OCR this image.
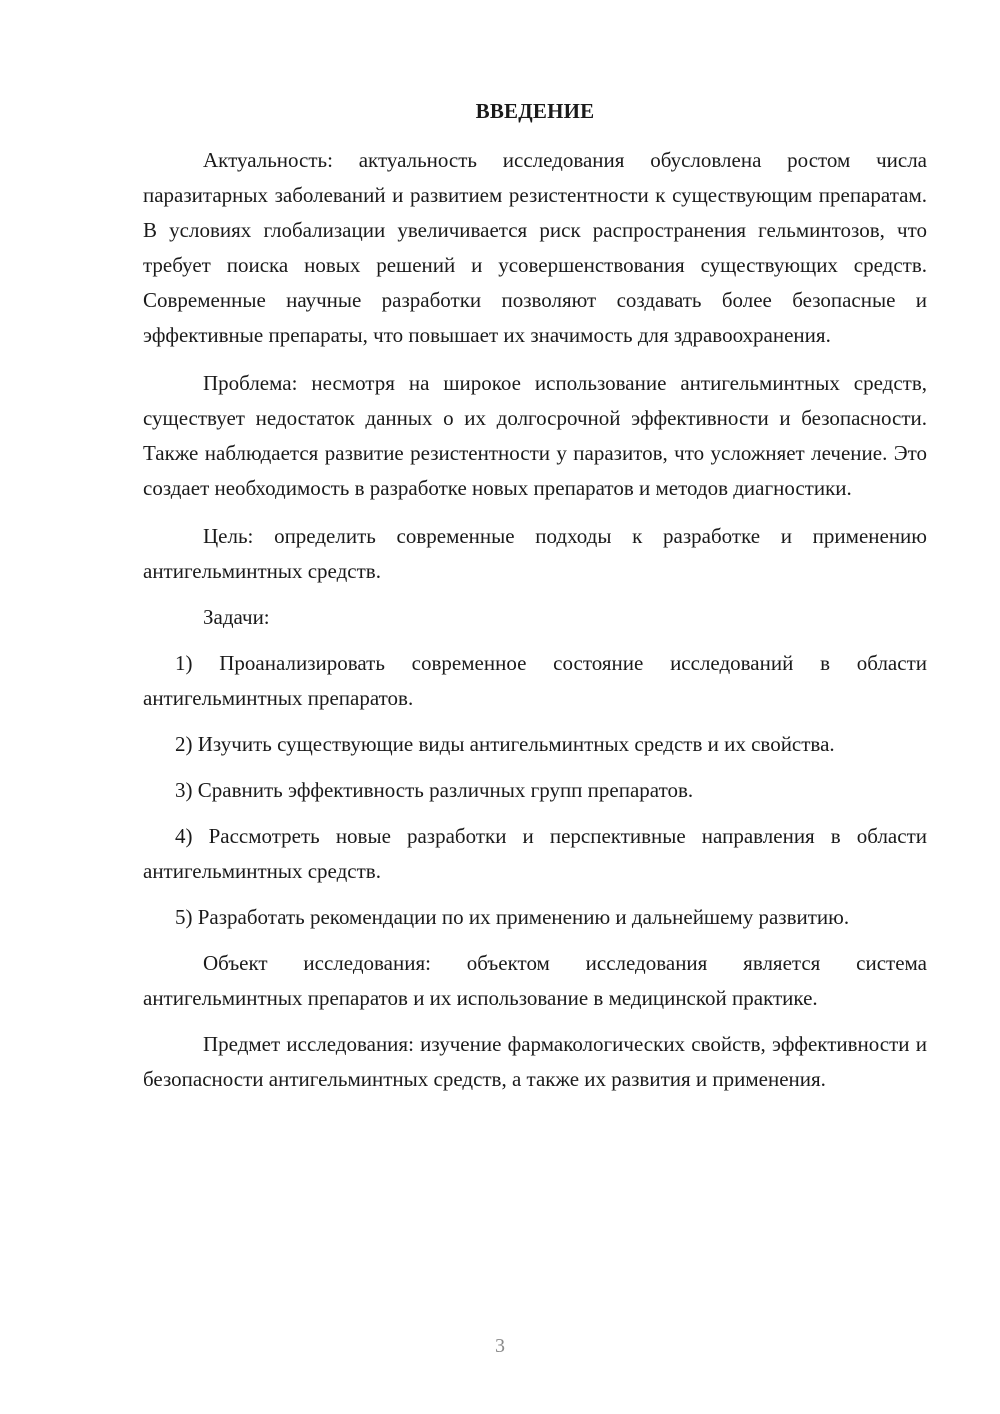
ВВЕДЕНИЕ

Актуальность: актуальность исследования обусловлена ростом числа паразитарных заболеваний и развитием резистентности к существующим препаратам. В условиях глобализации увеличивается риск распространения гельминтозов, что требует поиска новых решений и усовершенствования существующих средств. Современные научные разработки позволяют создавать более безопасные и эффективные препараты, что повышает их значимость для здравоохранения.

Проблема: несмотря на широкое использование антигельминтных средств, существует недостаток данных о их долгосрочной эффективности и безопасности. Также наблюдается развитие резистентности у паразитов, что усложняет лечение. Это создает необходимость в разработке новых препаратов и методов диагностики.

Цель: определить современные подходы к разработке и применению антигельминтных средств.

Задачи:

1) Проанализировать современное состояние исследований в области антигельминтных препаратов.

2) Изучить существующие виды антигельминтных средств и их свойства.

3) Сравнить эффективность различных групп препаратов.

4) Рассмотреть новые разработки и перспективные направления в области антигельминтных средств.

5) Разработать рекомендации по их применению и дальнейшему развитию.

Объект исследования: объектом исследования является система антигельминтных препаратов и их использование в медицинской практике.

Предмет исследования: изучение фармакологических свойств, эффективности и безопасности антигельминтных средств, а также их развития и применения.

3
